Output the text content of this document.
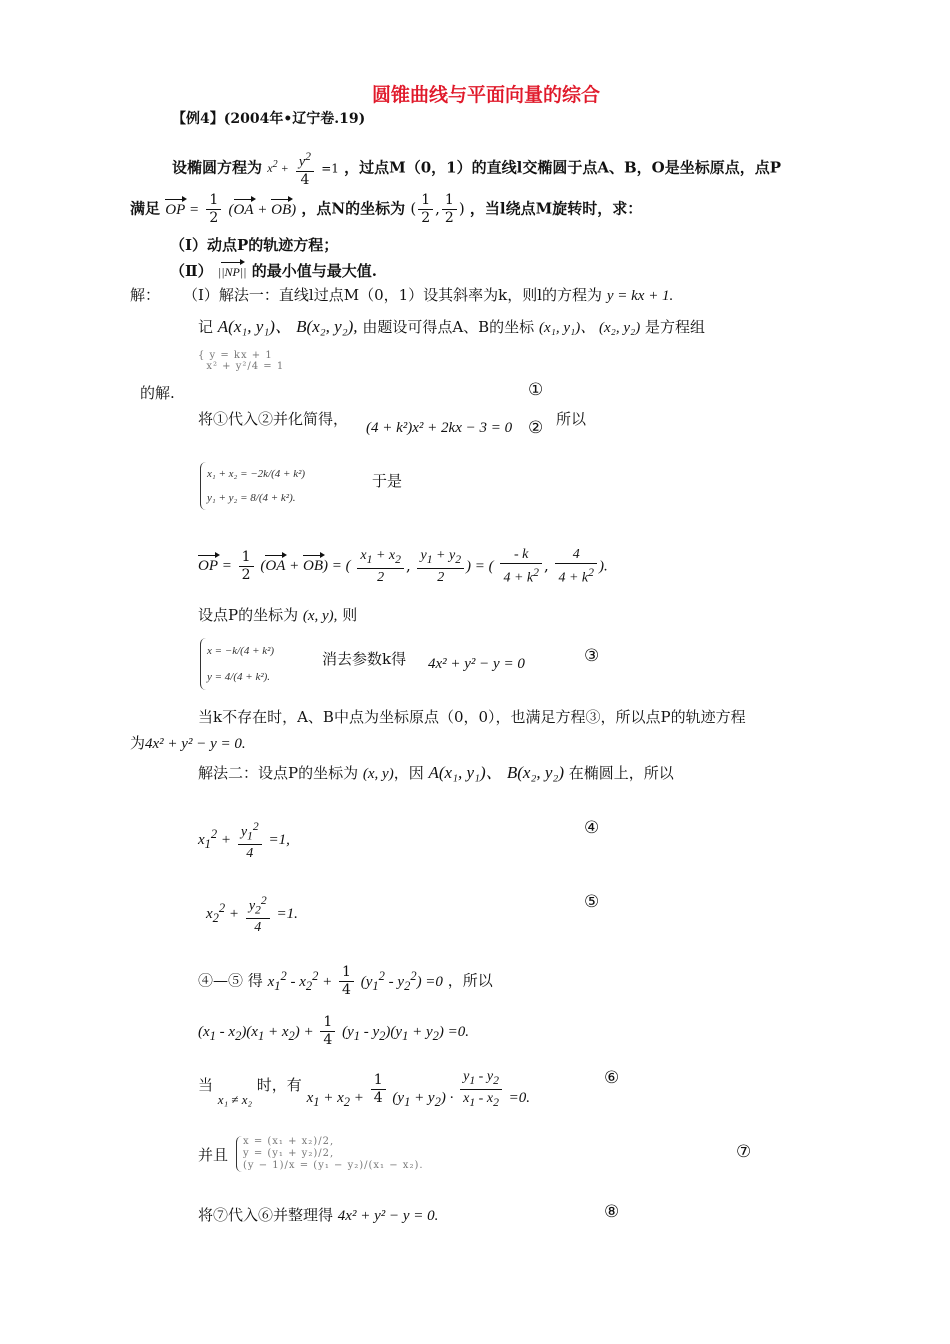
圆锥曲线与平面向量的综合
【例4】(2004年•辽宁卷.19)
设椭圆方程为 $x^2 + \frac{y^2}{4} =1$ ，过点M（0，1）的直线l交椭圆于点A、B，O是坐标原点，点P
满足 OP = $\frac{1}{2} (OA + OB)$ ，点N的坐标为 ( $\frac{1}{2}$ , $\frac{1}{2}$ ) ，当l绕点M旋转时，求：
（Ⅰ）动点P的轨迹方程；
（Ⅱ） ||NP|| 的最小值与最大值.
解： （Ⅰ）解法一：直线l过点M（0，1）设其斜率为k，则l的方程为 y = kx + 1.
记 A(x₁, y₁)、 B(x₂, y₂), 由题设可得点A、B的坐标 (x₁, y₁)、 (x₂, y₂) 是方程组
{ y = kx + 1
x² + y²/4 = 1
的解.	①
将①代入②并化简得， (4 + k²)x² + 2kx − 3 = 0 ② 所以
x₁ + x₂ = −2k/(4 + k²)
y₁ + y₂ = 8/(4 + k²).
于是
OP = $\frac{1}{2} (OA + OB)$ = ( $\frac{x_1 + x_2}{2}$ , $\frac{y_1 + y_2}{2}$ ) = ( $\frac{- k}{4 + k^2}$ , $\frac{4}{4 + k^2}$ ).
设点P的坐标为 (x, y), 则
x = −k/(4 + k²)
y = 4/(4 + k²).
消去参数k得 4x² + y² − y = 0	③
当k不存在时，A、B中点为坐标原点（0，0），也满足方程③，所以点P的轨迹方程
为4x² + y² − y = 0.
解法二：设点P的坐标为 (x, y)，因 A(x₁, y₁)、 B(x₂, y₂) 在椭圆上，所以
$x_1^2 + \frac{y_1^2}{4} =1$,
④
$x_2^2 + \frac{y_2^2}{4} =1$.
⑤
④—⑤ 得 $x_1^2 - x_2^2 + \frac{1}{4} (y_1^2 - y_2^2) =0$ ，所以
$(x_1 - x_2)(x_1 + x_2) + \frac{1}{4} (y_1 - y_2)(y_1 + y_2) =0$.
当 x₁ ≠ x₂ 时，有 $x_1 + x_2 + \frac{1}{4} (y_1 + y_2) \cdot \frac{y_1 - y_2}{x_1 - x_2} =0$.
⑥
并且
x = (x₁ + x₂)/2,
y = (y₁ + y₂)/2,
(y − 1)/x = (y₁ − y₂)/(x₁ − x₂).
⑦
将⑦代入⑥并整理得 4x² + y² − y = 0.	⑧
